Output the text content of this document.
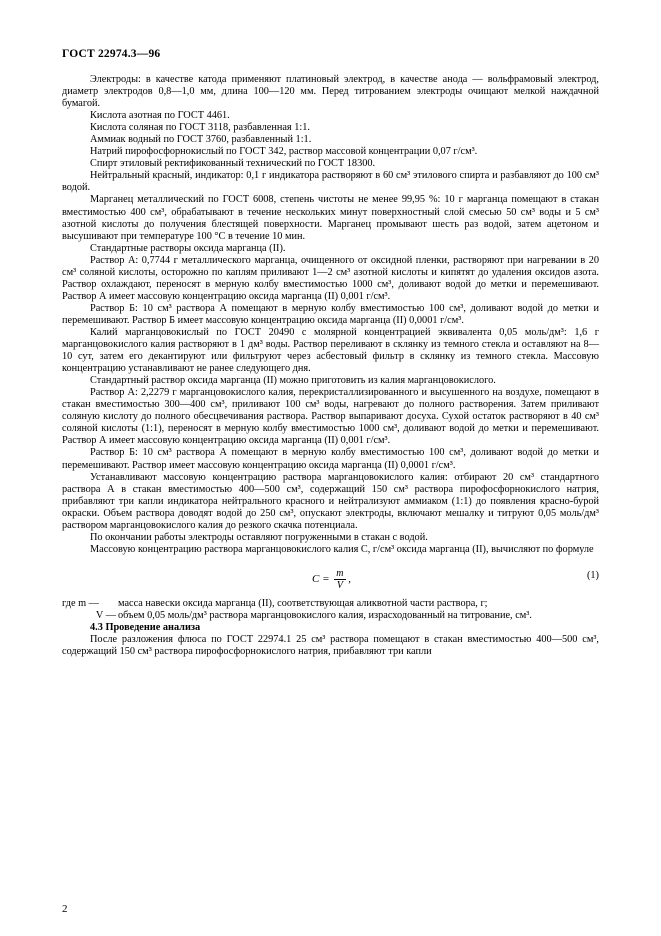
ГОСТ 22974.3—96

Электроды: в качестве катода применяют платиновый электрод, в качестве анода — вольфрамовый электрод, диаметр электродов 0,8—1,0 мм, длина 100—120 мм. Перед титрованием электроды очищают мелкой наждачной бумагой.

Кислота азотная по ГОСТ 4461.

Кислота соляная по ГОСТ 3118, разбавленная 1:1.

Аммиак водный по ГОСТ 3760, разбавленный 1:1.

Натрий пирофосфорнокислый по ГОСТ 342, раствор массовой концентрации 0,07 г/см³.

Спирт этиловый ректификованный технический по ГОСТ 18300.

Нейтральный красный, индикатор: 0,1 г индикатора растворяют в 60 см³ этилового спирта и разбавляют до 100 см³ водой.

Марганец металлический по ГОСТ 6008, степень чистоты не менее 99,95 %: 10 г марганца помещают в стакан вместимостью 400 см³, обрабатывают в течение нескольких минут поверхностный слой смесью 50 см³ воды и 5 см³ азотной кислоты до получения блестящей поверхности. Марганец промывают шесть раз водой, затем ацетоном и высушивают при температуре 100 °С в течение 10 мин.

Стандартные растворы оксида марганца (II).

Раствор А: 0,7744 г металлического марганца, очищенного от оксидной пленки, растворяют при нагревании в 20 см³ соляной кислоты, осторожно по каплям приливают 1—2 см³ азотной кислоты и кипятят до удаления оксидов азота. Раствор охлаждают, переносят в мерную колбу вместимостью 1000 см³, доливают водой до метки и перемешивают. Раствор А имеет массовую концентрацию оксида марганца (II) 0,001 г/см³.

Раствор Б: 10 см³ раствора А помещают в мерную колбу вместимостью 100 см³, доливают водой до метки и перемешивают. Раствор Б имеет массовую концентрацию оксида марганца (II) 0,0001 г/см³.

Калий марганцовокислый по ГОСТ 20490 с молярной концентрацией эквивалента 0,05 моль/дм³: 1,6 г марганцовокислого калия растворяют в 1 дм³ воды. Раствор переливают в склянку из темного стекла и оставляют на 8—10 сут, затем его декантируют или фильтруют через асбестовый фильтр в склянку из темного стекла. Массовую концентрацию устанавливают не ранее следующего дня.

Стандартный раствор оксида марганца (II) можно приготовить из калия марганцовокислого.

Раствор А: 2,2279 г марганцовокислого калия, перекристаллизированного и высушенного на воздухе, помещают в стакан вместимостью 300—400 см³, приливают 100 см³ воды, нагревают до полного растворения. Затем приливают соляную кислоту до полного обесцвечивания раствора. Раствор выпаривают досуха. Сухой остаток растворяют в 40 см³ соляной кислоты (1:1), переносят в мерную колбу вместимостью 1000 см³, доливают водой до метки и перемешивают. Раствор А имеет массовую концентрацию оксида марганца (II) 0,001 г/см³.

Раствор Б: 10 см³ раствора А помещают в мерную колбу вместимостью 100 см³, доливают водой до метки и перемешивают. Раствор имеет массовую концентрацию оксида марганца (II) 0,0001 г/см³.

Устанавливают массовую концентрацию раствора марганцовокислого калия: отбирают 20 см³ стандартного раствора А в стакан вместимостью 400—500 см³, содержащий 150 см³ раствора пирофосфорнокислого натрия, прибавляют три капли индикатора нейтрального красного и нейтрализуют аммиаком (1:1) до появления красно-бурой окраски. Объем раствора доводят водой до 250 см³, опускают электроды, включают мешалку и титруют 0,05 моль/дм³ раствором марганцовокислого калия до резкого скачка потенциала.

По окончании работы электроды оставляют погруженными в стакан с водой.

Массовую концентрацию раствора марганцовокислого калия С, г/см³ оксида марганца (II), вычисляют по формуле

$С = \frac{m}{V}$ ,	(1)
где m —	масса навески оксида марганца (II), соответствующая аликвотной части раствора, г;
V — объем 0,05 моль/дм³ раствора марганцовокислого калия, израсходованный на титрование, см³.

4.3 Проведение анализа

После разложения флюса по ГОСТ 22974.1 25 см³ раствора помещают в стакан вместимостью 400—500 см³, содержащий 150 см³ раствора пирофосфорнокислого натрия, прибавляют три капли

2
